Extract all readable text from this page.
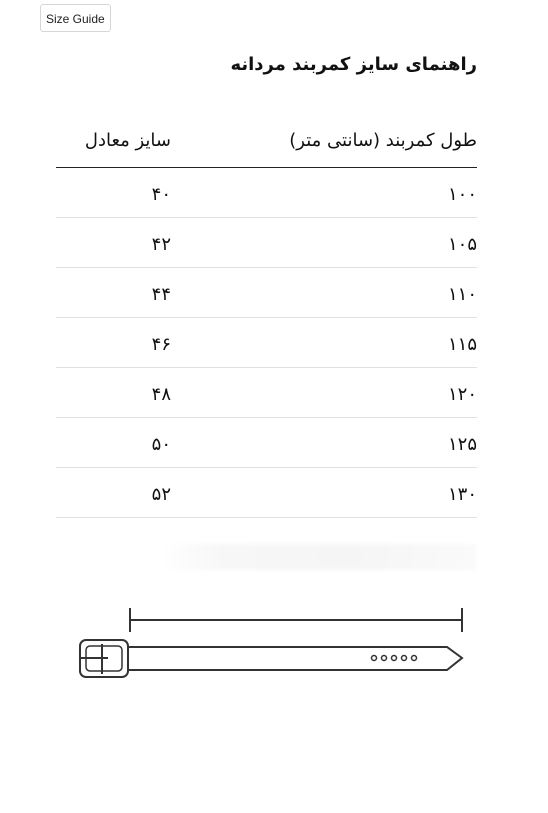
Size Guide
راهنمای سایز کمربند مردانه
طول کمربند (سانتی متر)
سایز معادل
۱۰۰
۴۰
۱۰۵
۴۲
۱۱۰
۴۴
۱۱۵
۴۶
۱۲۰
۴۸
۱۲۵
۵۰
۱۳۰
۵۲
